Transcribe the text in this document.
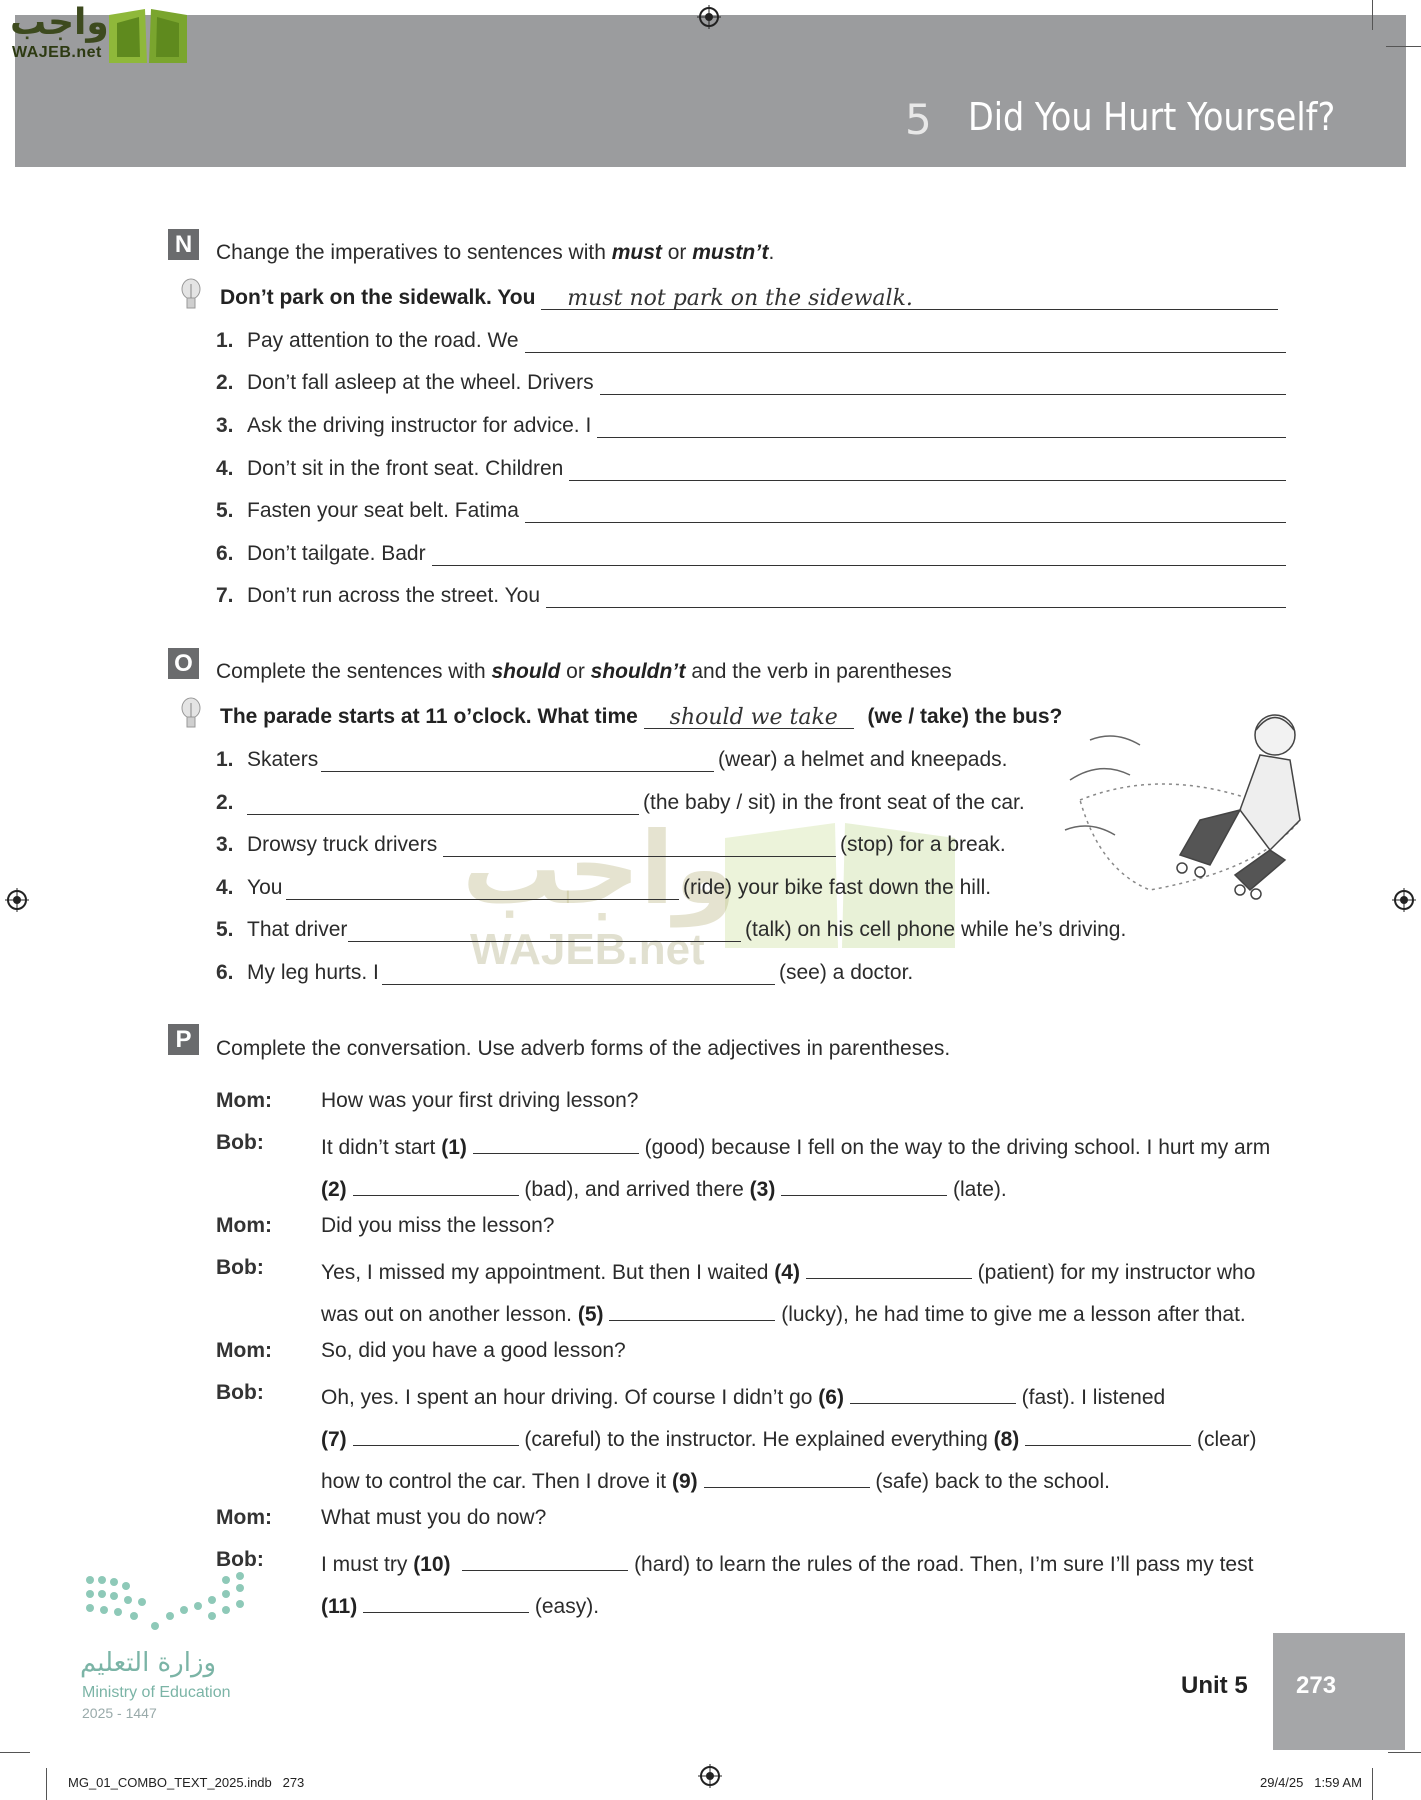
5 Did You Hurt Yourself?
واجب
WAJEB.net
واجب
WAJEB.net
N	Change the imperatives to sentences with must or mustn’t.
Don’t park on the sidewalk. You
must not park on the sidewalk.
1. Pay attention to the road. We
2. Don’t fall asleep at the wheel. Drivers
3. Ask the driving instructor for advice. I
4. Don’t sit in the front seat. Children
5. Fasten your seat belt. Fatima
6. Don’t tailgate. Badr
7. Don’t run across the street. You
O Complete the sentences with should or shouldn’t and the verb in parentheses
The parade starts at 11 o’clock. What time
should we take
(we / take) the bus?
1. Skaters	(wear) a helmet and kneepads.
2.	(the baby / sit) in the front seat of the car.
3. Drowsy truck drivers	(stop) for a break.
4. You	(ride) your bike fast down the hill.
5. That driver	(talk) on his cell phone while he’s driving.
6. My leg hurts. I	(see) a doctor.
P	Complete the conversation. Use adverb forms of the adjectives in parentheses.
Mom: How was your first driving lesson?
Bob:	It didn’t start (1)	(good) because I fell on the way to the driving school. I hurt my arm
(2)	(bad), and arrived there (3)	(late).
Mom: Did you miss the lesson?
Bob:	Yes, I missed my appointment. But then I waited (4)	(patient) for my instructor who
was out on another lesson. (5)	(lucky), he had time to give me a lesson after that.
Mom: So, did you have a good lesson?
Bob:	Oh, yes. I spent an hour driving. Of course I didn’t go (6)	(fast). I listened
(7)	(careful) to the instructor. He explained everything (8)	(clear)
how to control the car. Then I drove it (9)	(safe) back to the school.
Mom: What must you do now?
Bob:	I must try (10)	(hard) to learn the rules of the road. Then, I’m sure I’ll pass my test
(11)	(easy).
وزارة التعليم
Ministry of Education
2025 - 1447
Unit 5 273
MG_01_COMBO_TEXT_2025.indb   273	29/4/25   1:59 AM
